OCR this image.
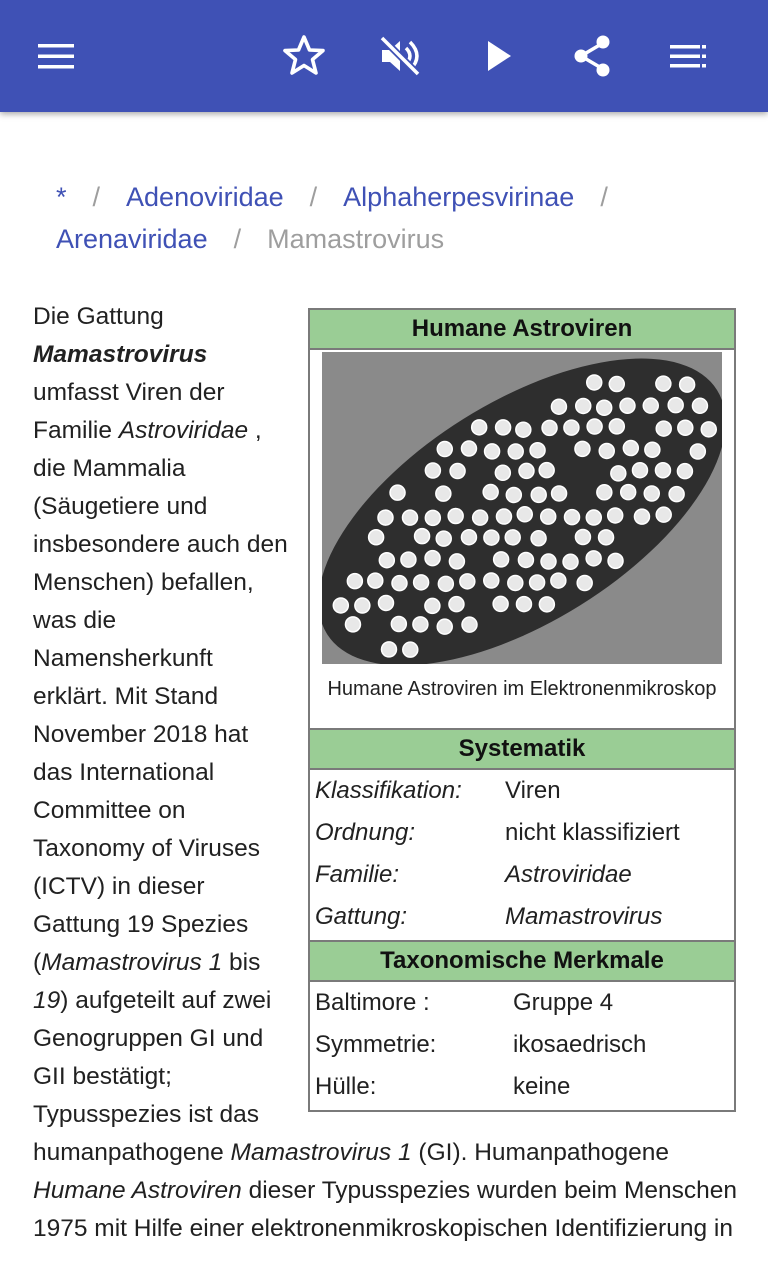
* / Adenoviridae / Alphaherpesvirinae /
Arenaviridae / Mamastrovirus
Humane Astroviren
Humane Astroviren im Elektronenmikroskop
Systematik
Klassifikation:	Viren
Ordnung:	nicht klassifiziert
Familie:	Astroviridae
Gattung:	Mamastrovirus
Taxonomische Merkmale
Baltimore :	Gruppe 4
Symmetrie:	ikosaedrisch
Hülle:	keine
Die Gattung Mamastrovirus umfasst Viren der Familie Astroviridae , die Mammalia (Säugetiere und insbesondere auch den Menschen) befallen, was die Namensherkunft erklärt. Mit Stand November 2018 hat das International Committee on Taxonomy of Viruses (ICTV) in dieser Gattung 19 Spezies (Mamastrovirus 1 bis 19) aufgeteilt auf zwei Genogruppen GI und GII bestätigt; Typusspezies ist das humanpathogene Mamastrovirus 1 (GI). Humanpathogene Humane Astroviren dieser Typusspezies wurden beim Menschen 1975 mit Hilfe einer elektronenmikroskopischen Identifizierung in
